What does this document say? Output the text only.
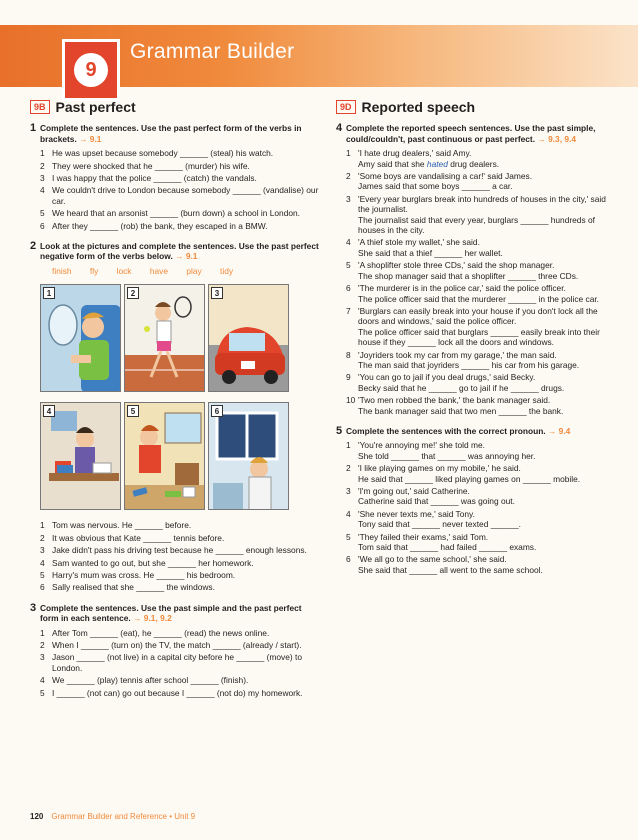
9
Grammar Builder
9B Past perfect
1 Complete the sentences. Use the past perfect form of the verbs in brackets. → 9.1
1 He was upset because somebody ______ (steal) his watch.
2 They were shocked that he ______ (murder) his wife.
3 I was happy that the police ______ (catch) the vandals.
4 We couldn't drive to London because somebody ______ (vandalise) our car.
5 We heard that an arsonist ______ (burn down) a school in London.
6 After they ______ (rob) the bank, they escaped in a BMW.
2 Look at the pictures and complete the sentences. Use the past perfect negative form of the verbs below. → 9.1
finish fly lock have play tidy
1	2	3
4	5	6
1 Tom was nervous. He ______ before.
2 It was obvious that Kate ______ tennis before.
3 Jake didn't pass his driving test because he ______ enough lessons.
4 Sam wanted to go out, but she ______ her homework.
5 Harry's mum was cross. He ______ his bedroom.
6 Sally realised that she ______ the windows.
3 Complete the sentences. Use the past simple and the past perfect form in each sentence. → 9.1, 9.2
1 After Tom ______ (eat), he ______ (read) the news online.
2 When I ______ (turn on) the TV, the match ______ (already / start).
3 Jason ______ (not live) in a capital city before he ______ (move) to London.
4 We ______ (play) tennis after school ______ (finish).
5 I ______ (not can) go out because I ______ (not do) my homework.
9D Reported speech
4 Complete the reported speech sentences. Use the past simple, could/couldn't, past continuous or past perfect. → 9.3, 9.4
1 'I hate drug dealers,' said Amy.
Amy said that she hated drug dealers.
2 'Some boys are vandalising a car!' said James.
James said that some boys ______ a car.
3 'Every year burglars break into hundreds of houses in the city,' said the journalist.
The journalist said that every year, burglars ______ hundreds of houses in the city.
4 'A thief stole my wallet,' she said.
She said that a thief ______ her wallet.
5 'A shoplifter stole three CDs,' said the shop manager.
The shop manager said that a shoplifter ______ three CDs.
6 'The murderer is in the police car,' said the police officer.
The police officer said that the murderer ______ in the police car.
7 'Burglars can easily break into your house if you don't lock all the doors and windows,' said the police officer.
The police officer said that burglars ______ easily break into their house if they ______ lock all the doors and windows.
8 'Joyriders took my car from my garage,' the man said.
The man said that joyriders ______ his car from his garage.
9 'You can go to jail if you deal drugs,' said Becky.
Becky said that he ______ go to jail if he ______ drugs.
10 'Two men robbed the bank,' the bank manager said.
The bank manager said that two men ______ the bank.
5 Complete the sentences with the correct pronoun. → 9.4
1 'You're annoying me!' she told me.
She told ______ that ______ was annoying her.
2 'I like playing games on my mobile,' he said.
He said that ______ liked playing games on ______ mobile.
3 'I'm going out,' said Catherine.
Catherine said that ______ was going out.
4 'She never texts me,' said Tony.
Tony said that ______ never texted ______.
5 'They failed their exams,' said Tom.
Tom said that ______ had failed ______ exams.
6 'We all go to the same school,' she said.
She said that ______ all went to the same school.
120 Grammar Builder and Reference • Unit 9
